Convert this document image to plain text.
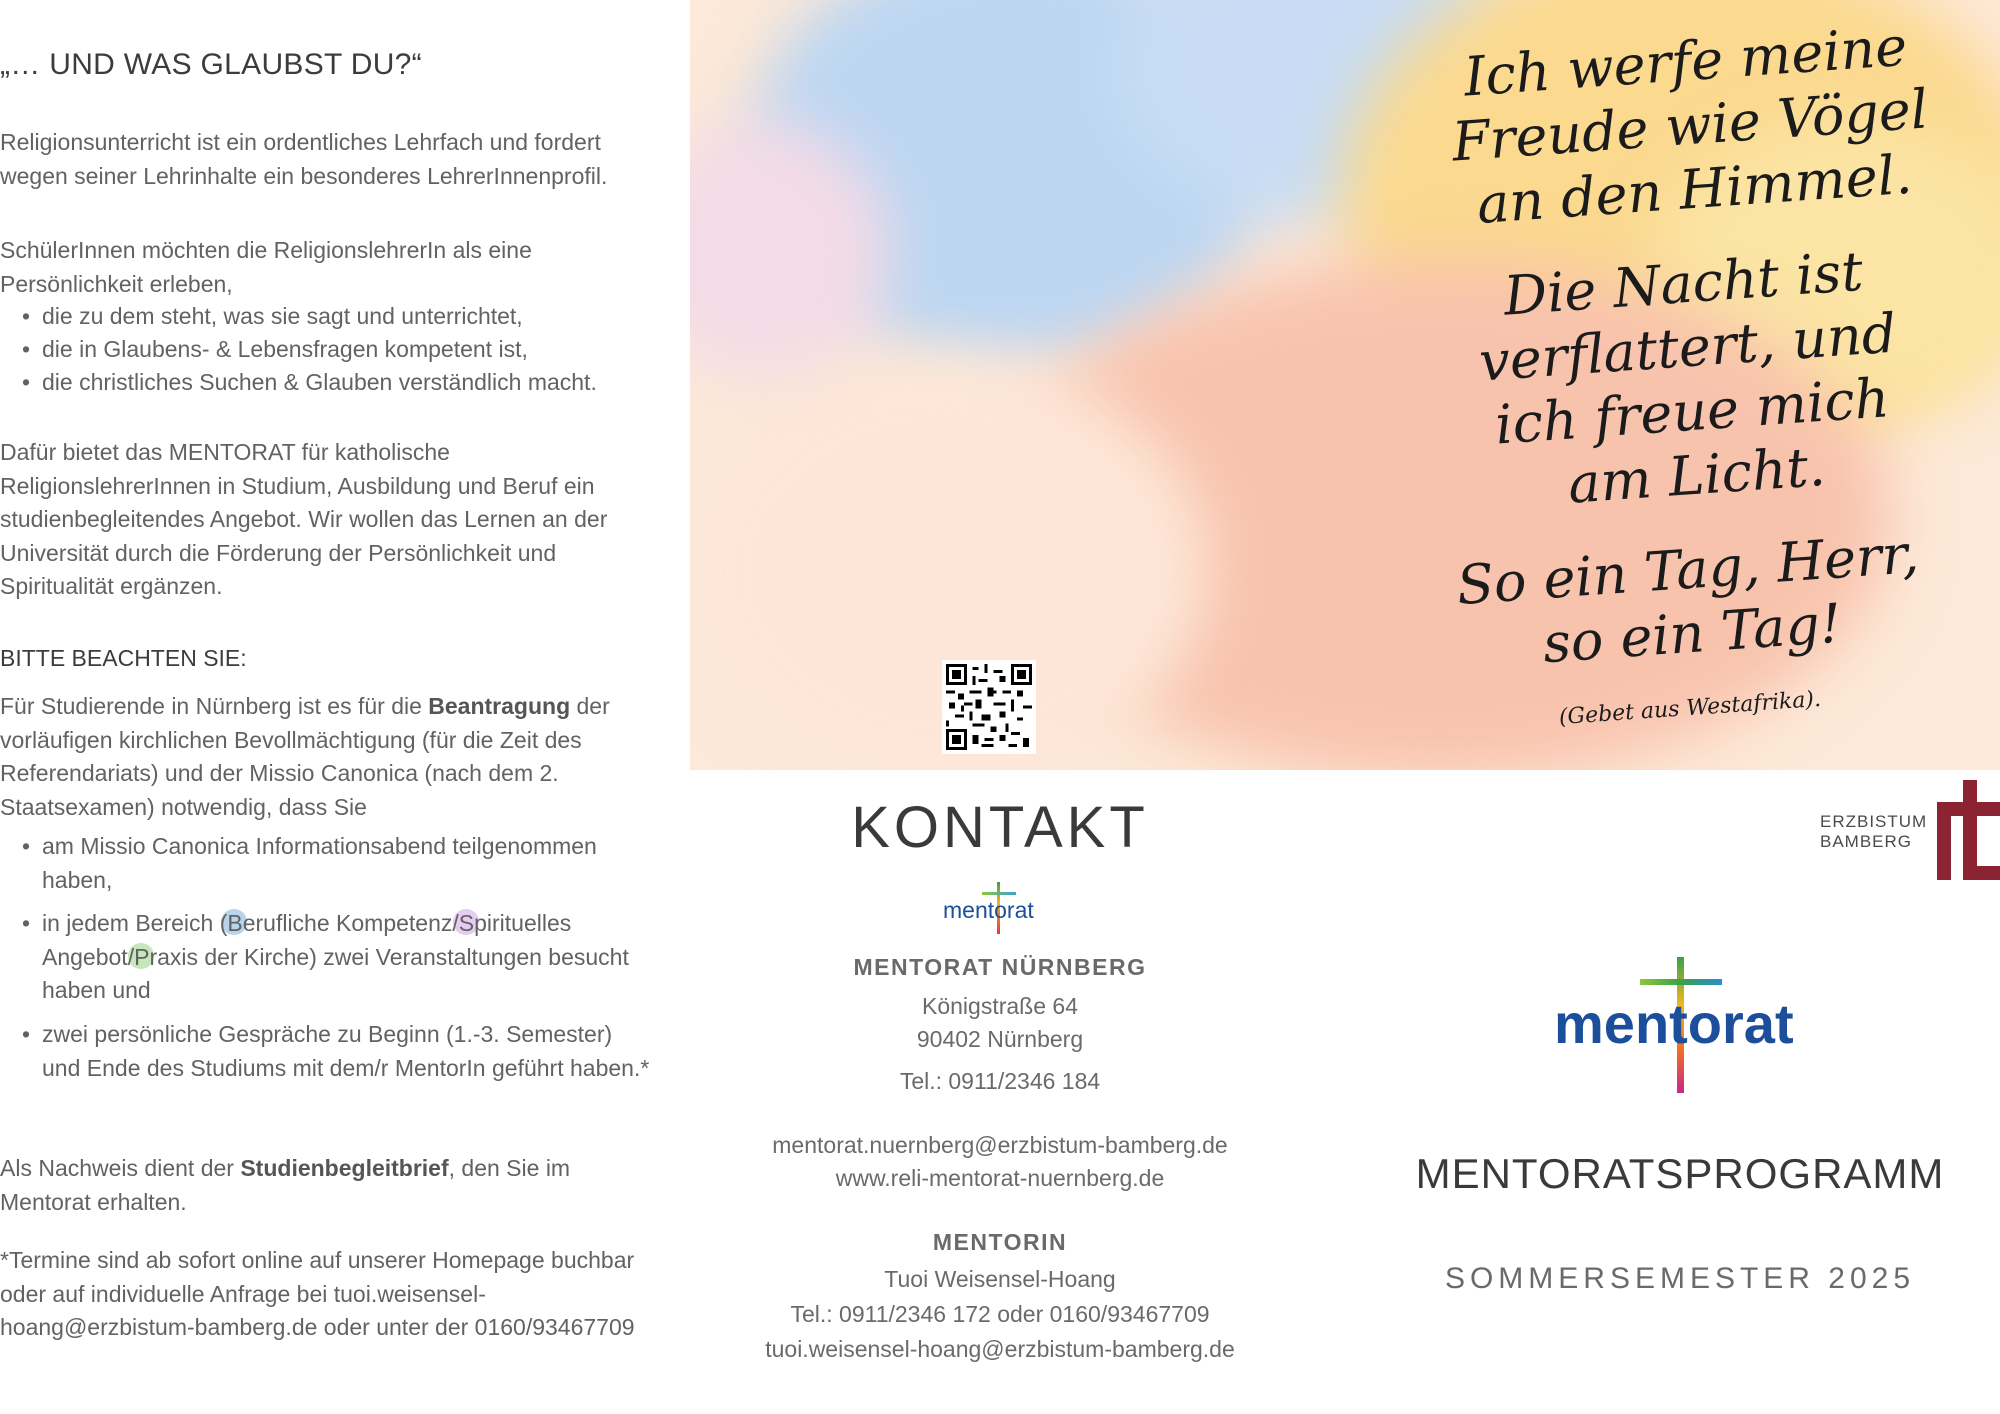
„… UND WAS GLAUBST DU?“
Religionsunterricht ist ein ordentliches Lehrfach und fordert wegen seiner Lehrinhalte ein besonderes LehrerInnenprofil.
SchülerInnen möchten die ReligionslehrerIn als eine Persönlichkeit erleben,
• die zu dem steht, was sie sagt und unterrichtet,
• die in Glaubens- & Lebensfragen kompetent ist,
• die christliches Suchen & Glauben verständlich macht.
Dafür bietet das MENTORAT für katholische ReligionslehrerInnen in Studium, Ausbildung und Beruf ein studienbegleitendes Angebot. Wir wollen das Lernen an der Universität durch die Förderung der Persönlichkeit und Spiritualität ergänzen.
BITTE BEACHTEN SIE:
Für Studierende in Nürnberg ist es für die Beantragung der vorläufigen kirchlichen Bevollmächtigung (für die Zeit des Referendariats) und der Missio Canonica (nach dem 2. Staatsexamen) notwendig, dass Sie
• am Missio Canonica Informationsabend teilgenommen haben,
• in jedem Bereich (Berufliche Kompetenz/Spirituelles Angebot/Praxis der Kirche) zwei Veranstaltungen besucht haben und
• zwei persönliche Gespräche zu Beginn (1.-3. Semester) und Ende des Studiums mit dem/r MentorIn geführt haben.*
Als Nachweis dient der Studienbegleitbrief, den Sie im Mentorat erhalten.
*Termine sind ab sofort online auf unserer Homepage buchbar oder auf individuelle Anfrage bei tuoi.weisensel-hoang@erzbistum-bamberg.de oder unter der 0160/93467709
Ich werfe meine Freude wie Vögel an den Himmel.
Die Nacht ist verflattert, und ich freue mich am Licht.
So ein Tag, Herr, so ein Tag!
(Gebet aus Westafrika).
KONTAKT
mentorat
MENTORAT NÜRNBERG
Königstraße 64
90402 Nürnberg
Tel.: 0911/2346 184
mentorat.nuernberg@erzbistum-bamberg.de
www.reli-mentorat-nuernberg.de
MENTORIN
Tuoi Weisensel-Hoang
Tel.: 0911/2346 172 oder 0160/93467709
tuoi.weisensel-hoang@erzbistum-bamberg.de
ERZBISTUM
BAMBERG
mentorat
MENTORATSPROGRAMM
SOMMERSEMESTER 2025
